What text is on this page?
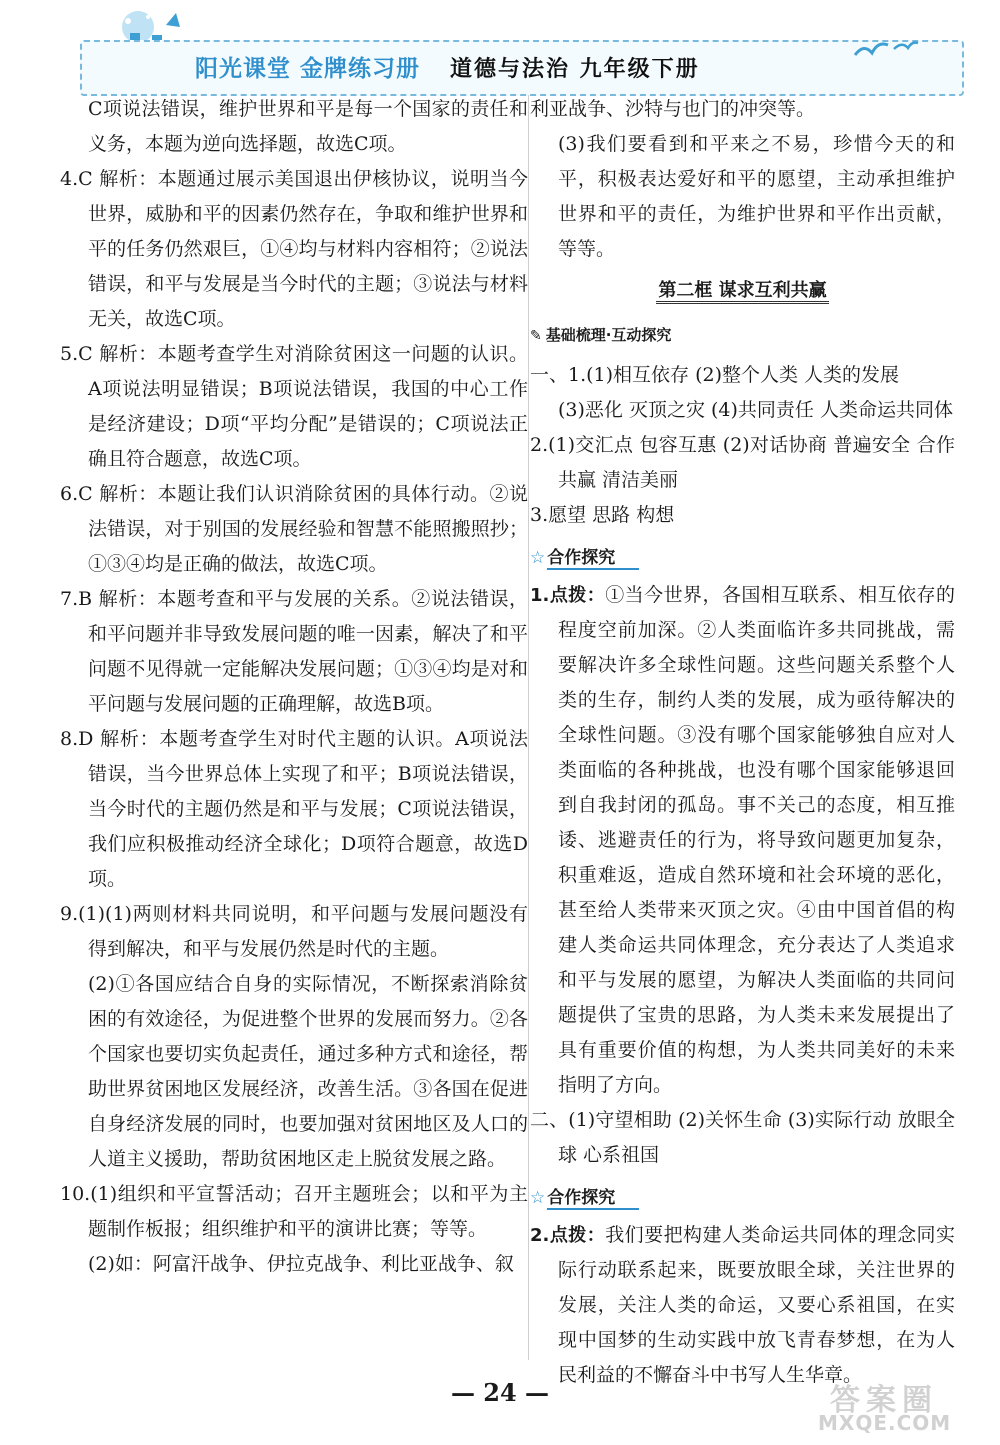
阳光课堂 金牌练习册 道德与法治 九年级下册

C项说法错误，维护世界和平是每一个国家的责任和义务，本题为逆向选择题，故选C项。

4.C 解析：本题通过展示美国退出伊核协议，说明当今世界，威胁和平的因素仍然存在，争取和维护世界和平的任务仍然艰巨，①④均与材料内容相符；②说法错误，和平与发展是当今时代的主题；③说法与材料无关，故选C项。

5.C 解析：本题考查学生对消除贫困这一问题的认识。A项说法明显错误；B项说法错误，我国的中心工作是经济建设；D项“平均分配”是错误的；C项说法正确且符合题意，故选C项。

6.C 解析：本题让我们认识消除贫困的具体行动。②说法错误，对于别国的发展经验和智慧不能照搬照抄；①③④均是正确的做法，故选C项。

7.B 解析：本题考查和平与发展的关系。②说法错误，和平问题并非导致发展问题的唯一因素，解决了和平问题不见得就一定能解决发展问题；①③④均是对和平问题与发展问题的正确理解，故选B项。

8.D 解析：本题考查学生对时代主题的认识。A项说法错误，当今世界总体上实现了和平；B项说法错误，当今时代的主题仍然是和平与发展；C项说法错误，我们应积极推动经济全球化；D项符合题意，故选D项。

9.(1)(1)两则材料共同说明，和平问题与发展问题没有得到解决，和平与发展仍然是时代的主题。

(2)①各国应结合自身的实际情况，不断探索消除贫困的有效途径，为促进整个世界的发展而努力。②各个国家也要切实负起责任，通过多种方式和途径，帮助世界贫困地区发展经济，改善生活。③各国在促进自身经济发展的同时，也要加强对贫困地区及人口的人道主义援助，帮助贫困地区走上脱贫发展之路。

10.(1)组织和平宣誓活动；召开主题班会；以和平为主题制作板报；组织维护和平的演讲比赛；等等。

(2)如：阿富汗战争、伊拉克战争、利比亚战争、叙

利亚战争、沙特与也门的冲突等。

(3)我们要看到和平来之不易，珍惜今天的和平，积极表达爱好和平的愿望，主动承担维护世界和平的责任，为维护世界和平作出贡献，等等。

第二框 谋求互利共赢
✎ 基础梳理·互动探究

一、1.(1)相互依存 (2)整个人类 人类的发展

(3)恶化 灭顶之灾 (4)共同责任 人类命运共同体

2.(1)交汇点 包容互惠 (2)对话协商 普遍安全 合作共赢 清洁美丽

3.愿望 思路 构想

☆ 合作探究

1.点拨：①当今世界，各国相互联系、相互依存的程度空前加深。②人类面临许多共同挑战，需要解决许多全球性问题。这些问题关系整个人类的生存，制约人类的发展，成为亟待解决的全球性问题。③没有哪个国家能够独自应对人类面临的各种挑战，也没有哪个国家能够退回到自我封闭的孤岛。事不关己的态度，相互推诿、逃避责任的行为，将导致问题更加复杂，积重难返，造成自然环境和社会环境的恶化，甚至给人类带来灭顶之灾。④由中国首倡的构建人类命运共同体理念，充分表达了人类追求和平与发展的愿望，为解决人类面临的共同问题提供了宝贵的思路，为人类未来发展提出了具有重要价值的构想，为人类共同美好的未来指明了方向。

二、(1)守望相助 (2)关怀生命 (3)实际行动 放眼全球 心系祖国

☆ 合作探究

2.点拨：我们要把构建人类命运共同体的理念同实际行动联系起来，既要放眼全球，关注世界的发展，关注人类的命运，又要心系祖国，在实现中国梦的生动实践中放飞青春梦想，在为人民利益的不懈奋斗中书写人生华章。

— 24 —	答案圈
MXQE.COM
